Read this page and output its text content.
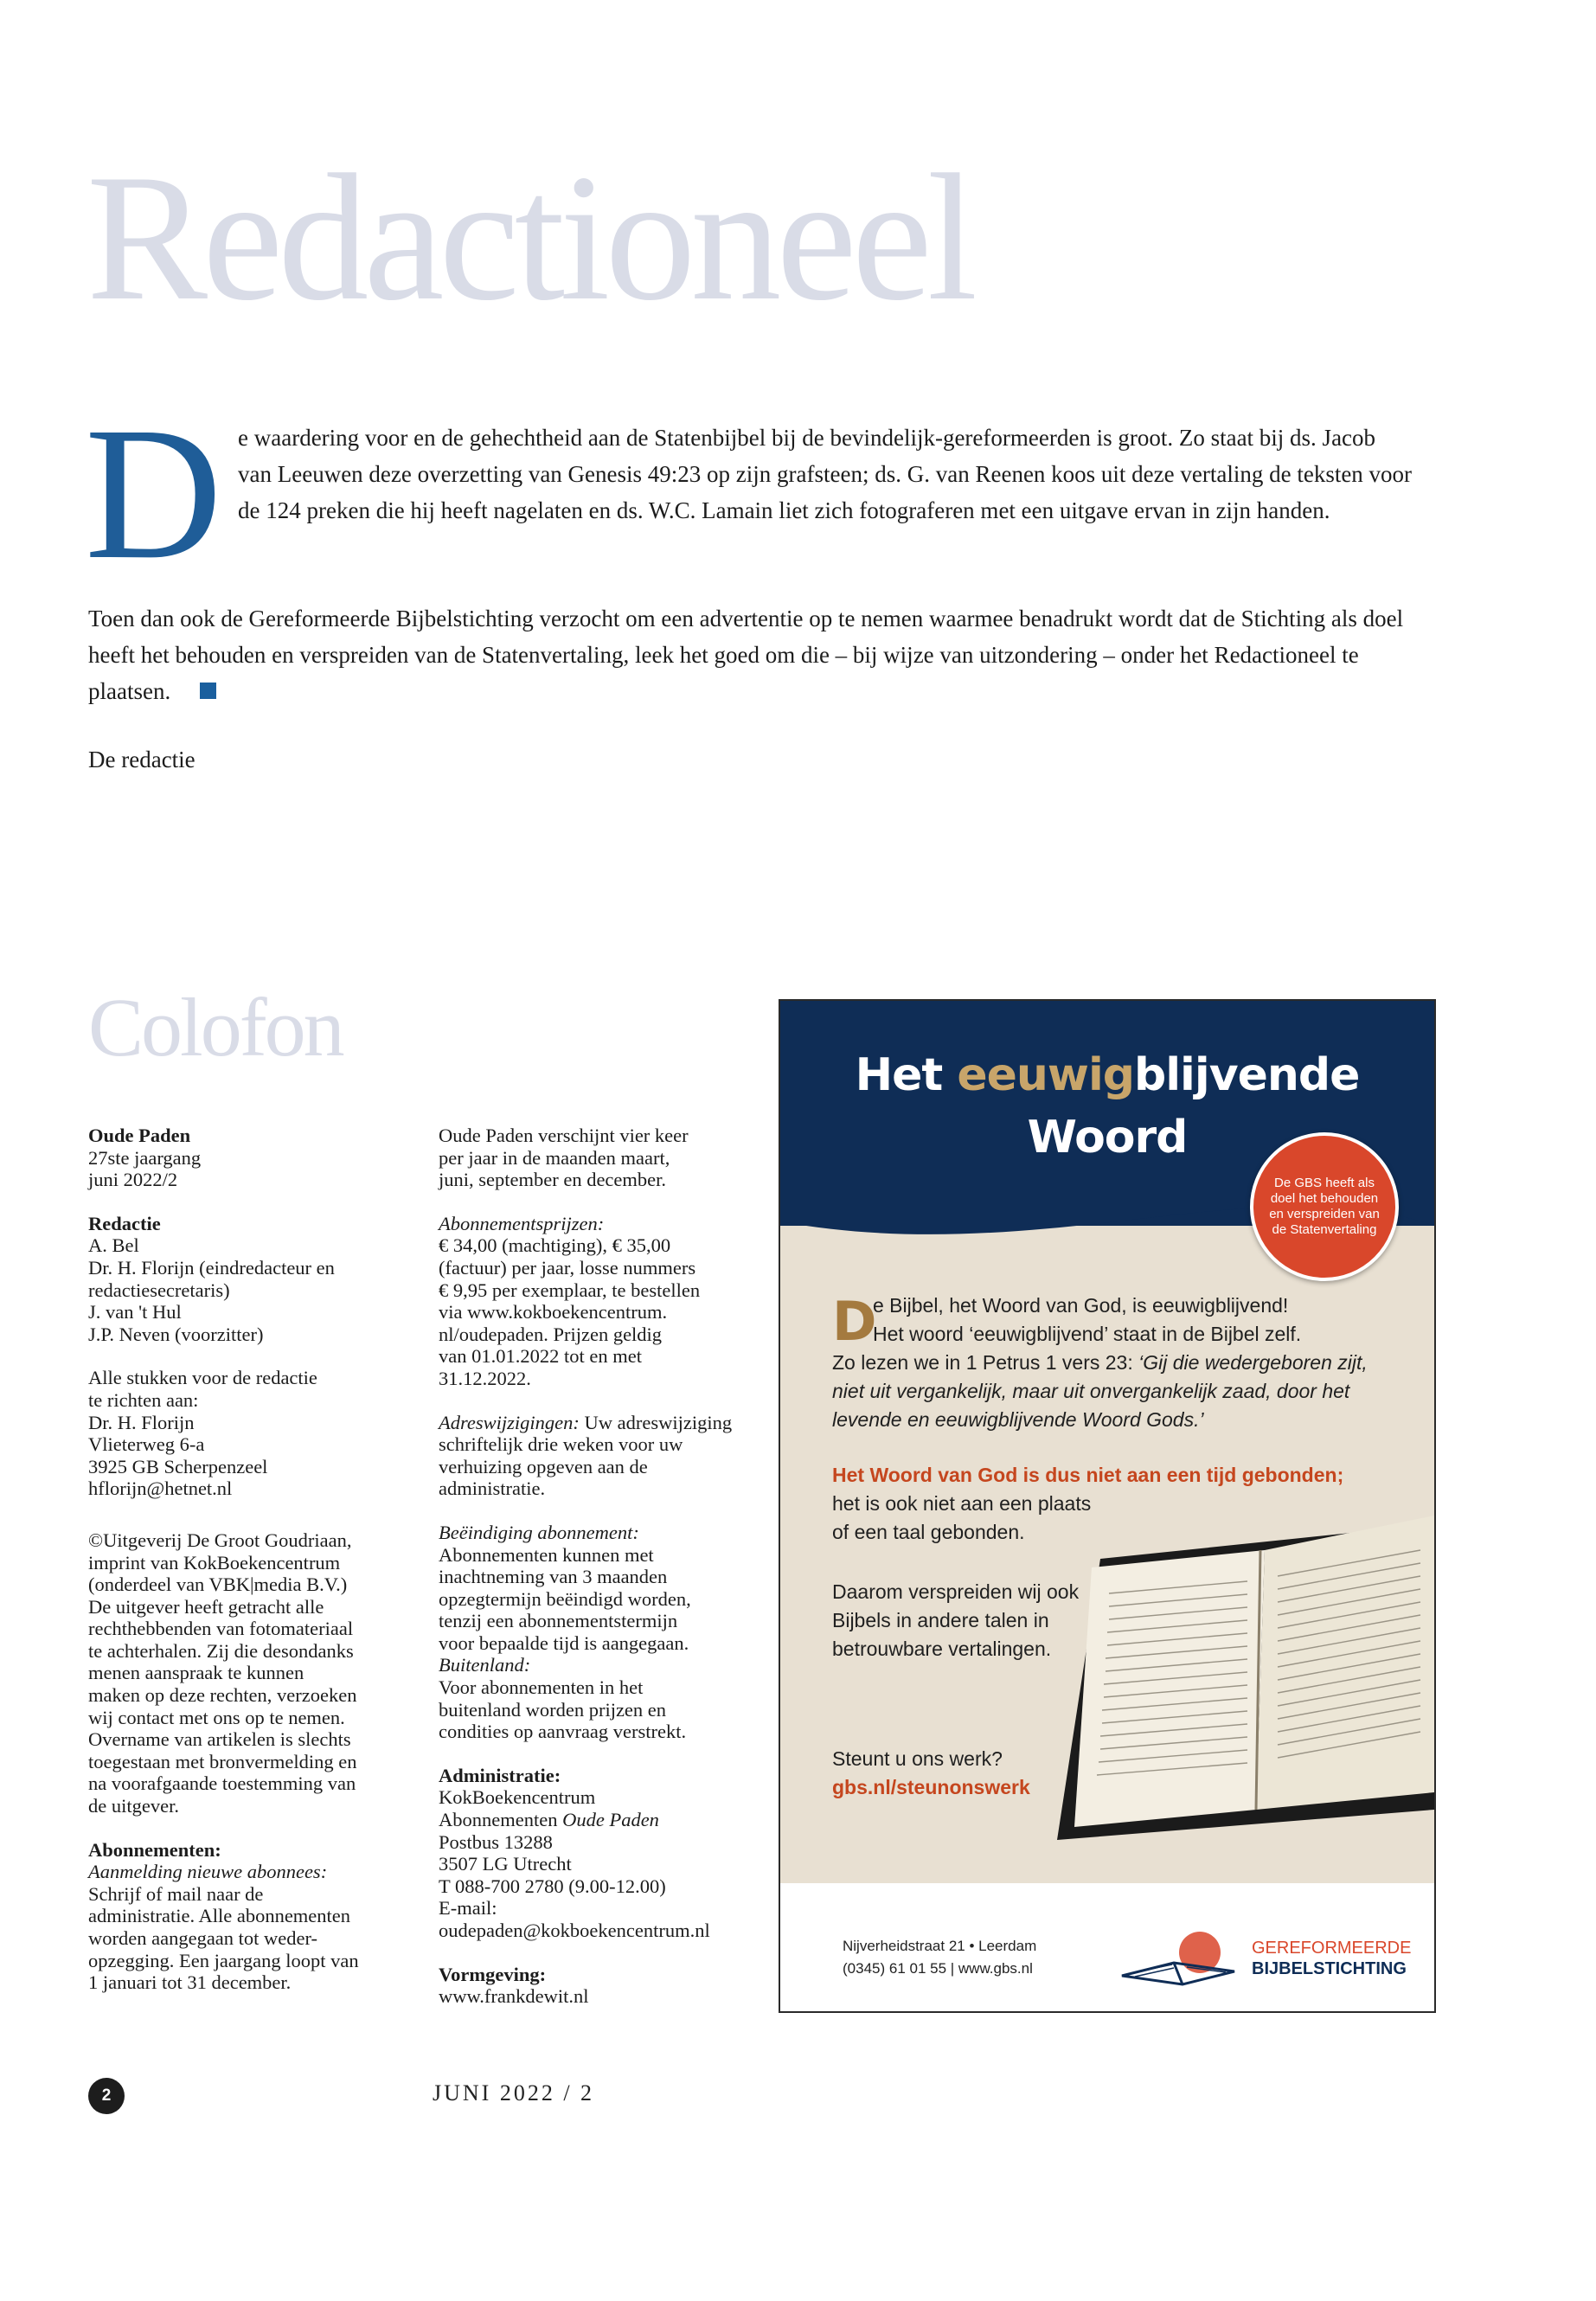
Redactioneel
D e waardering voor en de gehechtheid aan de Statenbijbel bij de bevindelijk-gereformeerden is groot. Zo staat bij ds. Jacob van Leeuwen deze overzetting van Genesis 49:23 op zijn grafsteen; ds. G. van Reenen koos uit deze vertaling de teksten voor de 124 preken die hij heeft nagelaten en ds. W.C. Lamain liet zich fotograferen met een uitgave ervan in zijn handen.
Toen dan ook de Gereformeerde Bijbelstichting verzocht om een advertentie op te nemen waarmee benadrukt wordt dat de Stichting als doel heeft het behouden en verspreiden van de Statenvertaling, leek het goed om die – bij wijze van uitzondering – onder het Redactioneel te plaatsen.
De redactie
Colofon
Oude Paden
27ste jaargang
juni 2022/2
Redactie
A. Bel
Dr. H. Florijn (eindredacteur en
redactiesecretaris)
J. van 't Hul
J.P. Neven (voorzitter)
Alle stukken voor de redactie
te richten aan:
Dr. H. Florijn
Vlieterweg 6-a
3925 GB Scherpenzeel
hflorijn@hetnet.nl
©Uitgeverij De Groot Goudriaan,
imprint van KokBoekencentrum
(onderdeel van VBK|media B.V.)
De uitgever heeft getracht alle
rechthebbenden van fotomateriaal
te achterhalen. Zij die desondanks
menen aanspraak te kunnen
maken op deze rechten, verzoeken
wij contact met ons op te nemen.
Overname van artikelen is slechts
toegestaan met bronvermelding en
na voorafgaande toestemming van
de uitgever.
Abonnementen:
Aanmelding nieuwe abonnees:
Schrijf of mail naar de
administratie. Alle abonnementen
worden aangegaan tot weder-
opzegging. Een jaargang loopt van
1 januari tot 31 december.
Oude Paden verschijnt vier keer
per jaar in de maanden maart,
juni, september en december.
Abonnementsprijzen:
€ 34,00 (machtiging), € 35,00
(factuur) per jaar, losse nummers
€ 9,95 per exemplaar, te bestellen
via www.kokboekencentrum.
nl/oudepaden. Prijzen geldig
van 01.01.2022 tot en met
31.12.2022.
Adreswijzigingen: Uw adreswijziging
schriftelijk drie weken voor uw
verhuizing opgeven aan de
administratie.
Beëindiging abonnement:
Abonnementen kunnen met
inachtneming van 3 maanden
opzegtermijn beëindigd worden,
tenzij een abonnementstermijn
voor bepaalde tijd is aangegaan.
Buitenland:
Voor abonnementen in het
buitenland worden prijzen en
condities op aanvraag verstrekt.
Administratie:
KokBoekencentrum
Abonnementen Oude Paden
Postbus 13288
3507 LG Utrecht
T 088-700 2780 (9.00-12.00)
E-mail:
oudepaden@kokboekencentrum.nl
Vormgeving:
www.frankdewit.nl
Het eeuwigblijvende
Woord
De GBS heeft als doel het behouden en verspreiden van de Statenvertaling
D
e Bijbel, het Woord van God, is eeuwigblijvend!
Het woord ‘eeuwigblijvend’ staat in de Bijbel zelf.
Zo lezen we in 1 Petrus 1 vers 23: ‘Gij die wedergeboren zijt,
niet uit vergankelijk, maar uit onvergankelijk zaad, door het
levende en eeuwigblijvende Woord Gods.’
Het Woord van God is dus niet aan een tijd gebonden;
het is ook niet aan een plaats
of een taal gebonden.
Daarom verspreiden wij ook
Bijbels in andere talen in
betrouwbare vertalingen.
Steunt u ons werk?
gbs.nl/steunonswerk
Nijverheidstraat 21 • Leerdam
(0345) 61 01 55 | www.gbs.nl
GEREFORMEERDE
BIJBELSTICHTING
2	JUNI 2022 / 2
